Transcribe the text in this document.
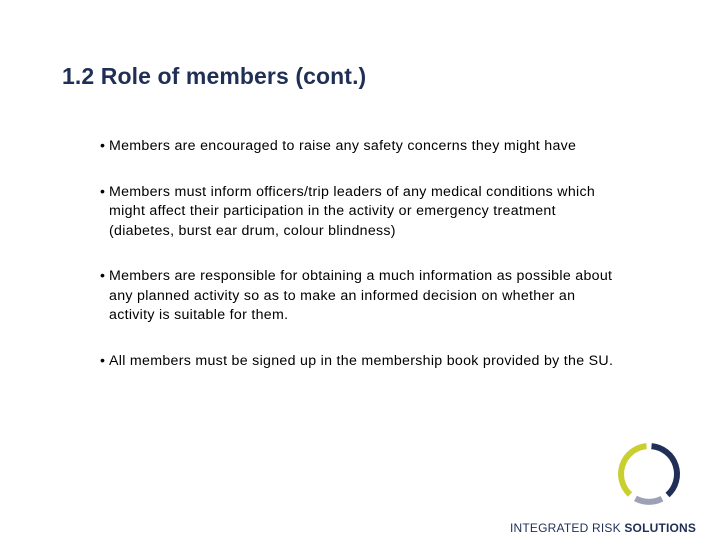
1.2 Role of members (cont.)
• Members are encouraged to raise any safety concerns they might have
• Members must inform officers/trip leaders of any medical conditions which might affect their participation in the activity or emergency treatment (diabetes, burst ear drum, colour blindness)
• Members are responsible for obtaining a much information as possible about any planned activity so as to make an informed decision on whether an activity is suitable for them.
• All members must be signed up in the membership book provided by the SU.
INTEGRATED RISK SOLUTIONS
